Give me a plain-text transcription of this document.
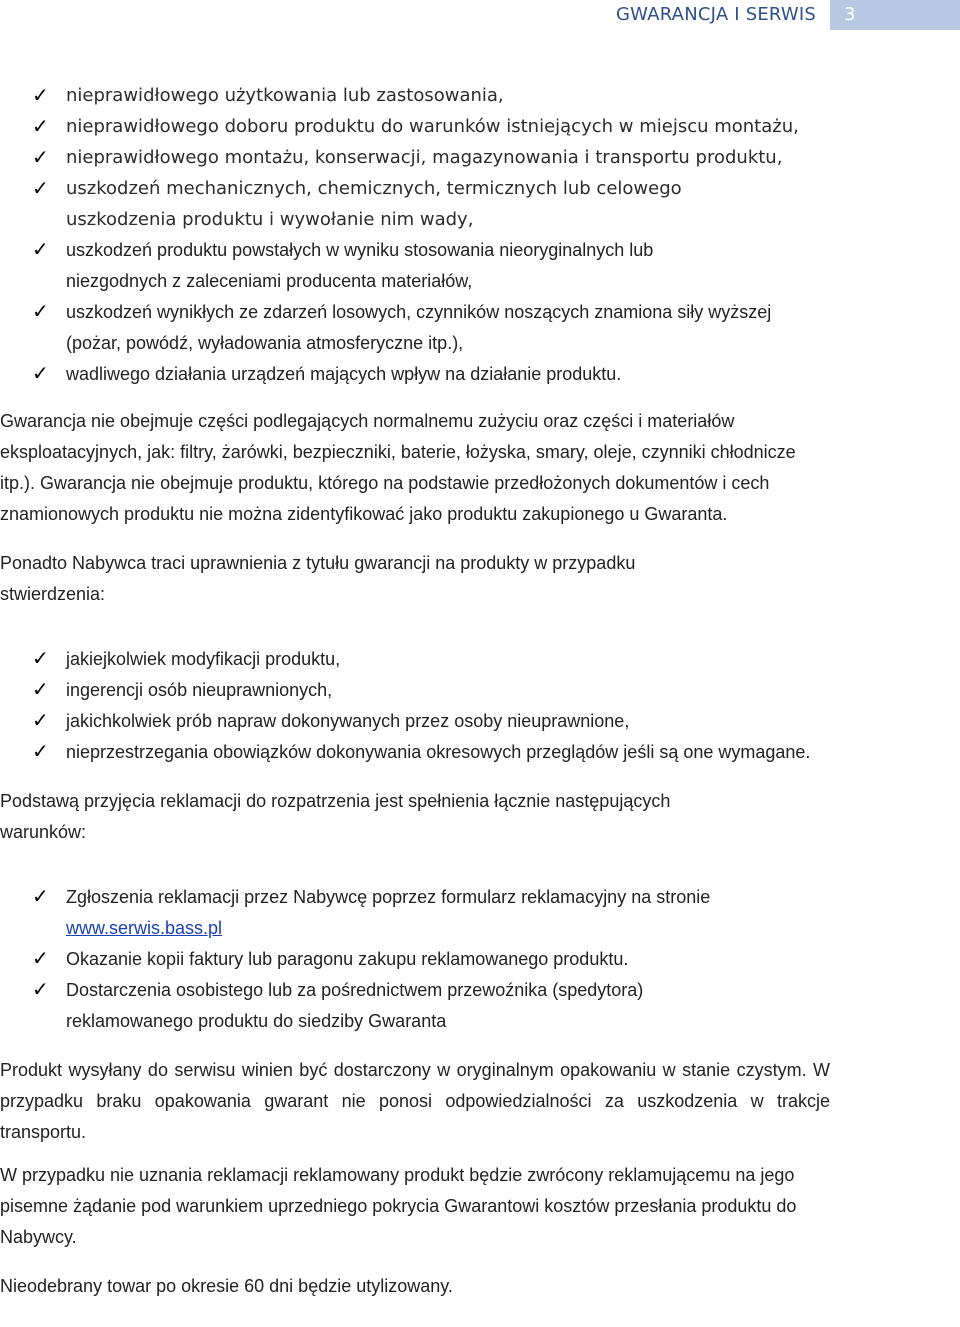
GWARANCJA I SERWIS	3
✓ nieprawidłowego użytkowania lub zastosowania,
✓ nieprawidłowego doboru produktu do warunków istniejących w miejscu montażu,
✓ nieprawidłowego montażu, konserwacji, magazynowania i transportu produktu,
✓ uszkodzeń mechanicznych, chemicznych, termicznych lub celowego uszkodzenia produktu i wywołanie nim wady,
✓ uszkodzeń produktu powstałych w wyniku stosowania nieoryginalnych lub niezgodnych z zaleceniami producenta materiałów,
✓ uszkodzeń wynikłych ze zdarzeń losowych, czynników noszących znamiona siły wyższej (pożar, powódź, wyładowania atmosferyczne itp.),
✓ wadliwego działania urządzeń mających wpływ na działanie produktu.

Gwarancja nie obejmuje części podlegających normalnemu zużyciu oraz części i materiałów eksploatacyjnych, jak: filtry, żarówki, bezpieczniki, baterie, łożyska, smary, oleje, czynniki chłodnicze itp.). Gwarancja nie obejmuje produktu, którego na podstawie przedłożonych dokumentów i cech znamionowych produktu nie można zidentyfikować jako produktu zakupionego u Gwaranta.

Ponadto Nabywca traci uprawnienia z tytułu gwarancji na produkty w przypadku stwierdzenia:

✓ jakiejkolwiek modyfikacji produktu,
✓ ingerencji osób nieuprawnionych,
✓ jakichkolwiek prób napraw dokonywanych przez osoby nieuprawnione,
✓ nieprzestrzegania obowiązków dokonywania okresowych przeglądów jeśli są one wymagane.

Podstawą przyjęcia reklamacji do rozpatrzenia jest spełnienia łącznie następujących warunków:

✓ Zgłoszenia reklamacji przez Nabywcę poprzez formularz reklamacyjny na stronie www.serwis.bass.pl
✓ Okazanie kopii faktury lub paragonu zakupu reklamowanego produktu.
✓ Dostarczenia osobistego lub za pośrednictwem przewoźnika (spedytora) reklamowanego produktu do siedziby Gwaranta

Produkt wysyłany do serwisu winien być dostarczony w oryginalnym opakowaniu w stanie czystym. W przypadku braku opakowania gwarant nie ponosi odpowiedzialności za uszkodzenia w trakcje transportu.

W przypadku nie uznania reklamacji reklamowany produkt będzie zwrócony reklamującemu na jego pisemne żądanie pod warunkiem uprzedniego pokrycia Gwarantowi kosztów przesłania produktu do Nabywcy.

Nieodebrany towar po okresie 60 dni będzie utylizowany.
